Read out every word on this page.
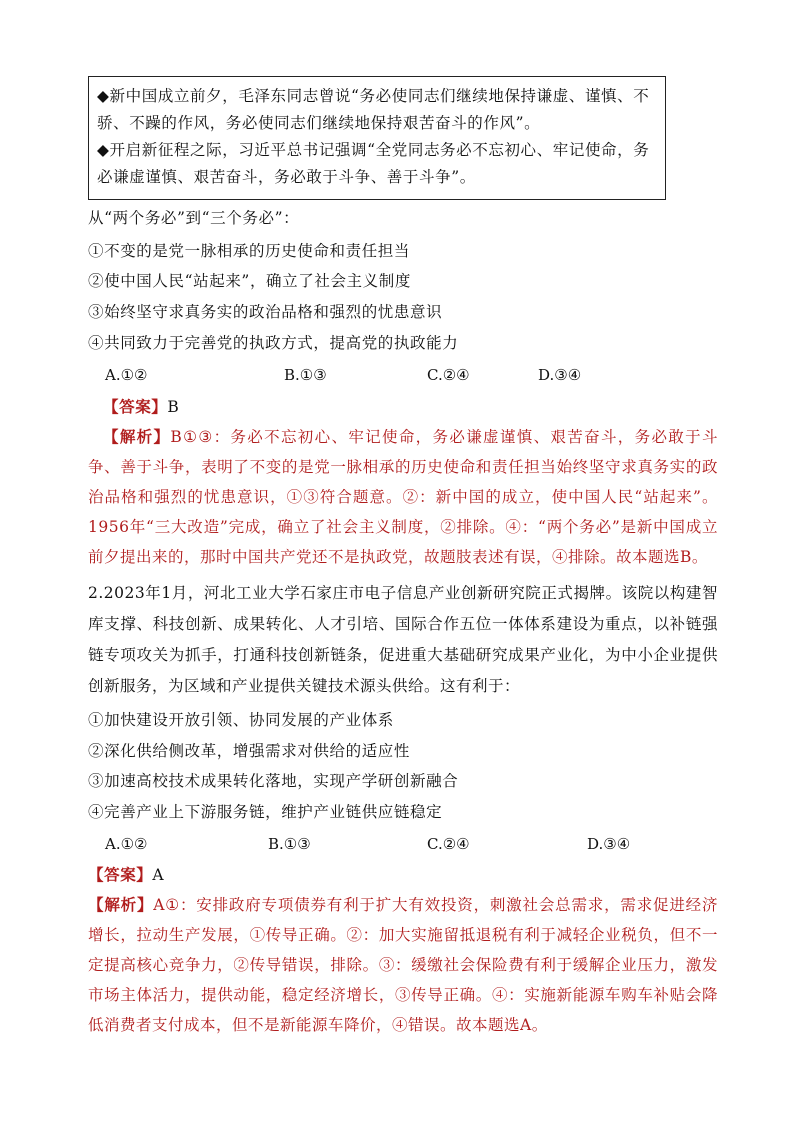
◆新中国成立前夕，毛泽东同志曾说“务必使同志们继续地保持谦虚、谨慎、不骄、不躁的作风，务必使同志们继续地保持艰苦奋斗的作风”。

◆开启新征程之际，习近平总书记强调“全党同志务必不忘初心、牢记使命，务必谦虚谨慎、艰苦奋斗，务必敢于斗争、善于斗争”。

从“两个务必”到“三个务必”：
①不变的是党一脉相承的历史使命和责任担当
②使中国人民“站起来”，确立了社会主义制度
③始终坚守求真务实的政治品格和强烈的忧患意识
④共同致力于完善党的执政方式，提高党的执政能力
A.①②	B.①③	C.②④	D.③④
【答案】B
【解析】B①③：务必不忘初心、牢记使命，务必谦虚谨慎、艰苦奋斗，务必敢于斗争、善于斗争，表明了不变的是党一脉相承的历史使命和责任担当始终坚守求真务实的政治品格和强烈的忧患意识，①③符合题意。②：新中国的成立，使中国人民“站起来”。1956年“三大改造”完成，确立了社会主义制度，②排除。④：“两个务必”是新中国成立前夕提出来的，那时中国共产党还不是执政党，故题肢表述有误，④排除。故本题选B。
2.2023年1月，河北工业大学石家庄市电子信息产业创新研究院正式揭牌。该院以构建智库支撑、科技创新、成果转化、人才引培、国际合作五位一体体系建设为重点，以补链强链专项攻关为抓手，打通科技创新链条，促进重大基础研究成果产业化，为中小企业提供创新服务，为区域和产业提供关键技术源头供给。这有利于：
①加快建设开放引领、协同发展的产业体系
②深化供给侧改革，增强需求对供给的适应性
③加速高校技术成果转化落地，实现产学研创新融合
④完善产业上下游服务链，维护产业链供应链稳定
A.①②	B.①③	C.②④	D.③④
【答案】A
【解析】A①：安排政府专项债券有利于扩大有效投资，刺激社会总需求，需求促进经济增长，拉动生产发展，①传导正确。②：加大实施留抵退税有利于减轻企业税负，但不一定提高核心竞争力，②传导错误，排除。③：缓缴社会保险费有利于缓解企业压力，激发市场主体活力，提供动能，稳定经济增长，③传导正确。④：实施新能源车购车补贴会降低消费者支付成本，但不是新能源车降价，④错误。故本题选A。
